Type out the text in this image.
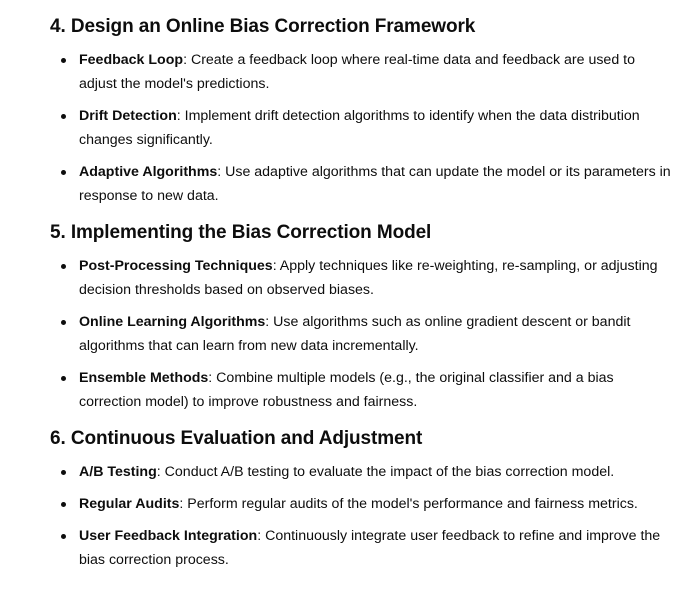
4. Design an Online Bias Correction Framework
Feedback Loop: Create a feedback loop where real-time data and feedback are used to adjust the model's predictions.
Drift Detection: Implement drift detection algorithms to identify when the data distribution changes significantly.
Adaptive Algorithms: Use adaptive algorithms that can update the model or its parameters in response to new data.
5. Implementing the Bias Correction Model
Post-Processing Techniques: Apply techniques like re-weighting, re-sampling, or adjusting decision thresholds based on observed biases.
Online Learning Algorithms: Use algorithms such as online gradient descent or bandit algorithms that can learn from new data incrementally.
Ensemble Methods: Combine multiple models (e.g., the original classifier and a bias correction model) to improve robustness and fairness.
6. Continuous Evaluation and Adjustment
A/B Testing: Conduct A/B testing to evaluate the impact of the bias correction model.
Regular Audits: Perform regular audits of the model's performance and fairness metrics.
User Feedback Integration: Continuously integrate user feedback to refine and improve the bias correction process.
